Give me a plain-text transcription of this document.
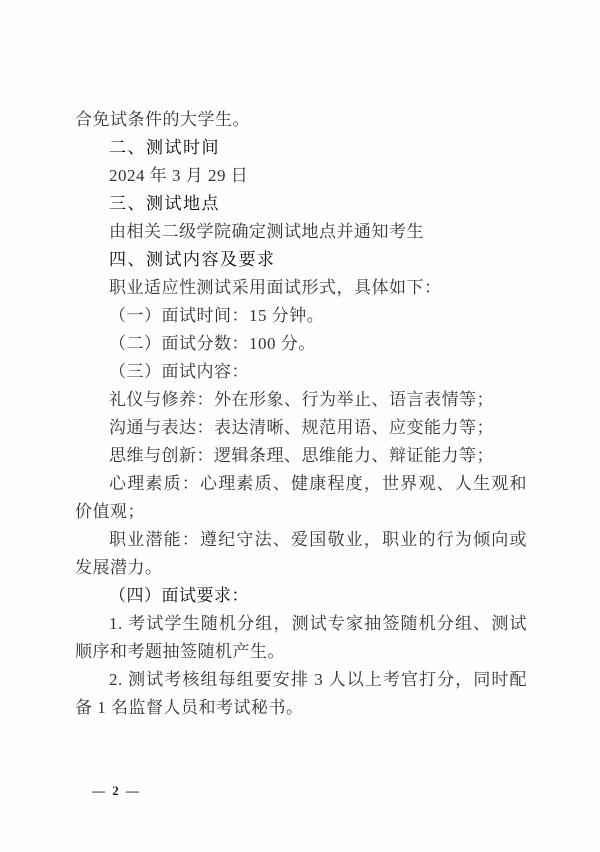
合免试条件的大学生。

二、测试时间

2024 年 3 月 29 日

三、测试地点

由相关二级学院确定测试地点并通知考生

四、测试内容及要求

职业适应性测试采用面试形式，具体如下：

（一）面试时间：15 分钟。

（二）面试分数：100 分。

（三）面试内容：

礼仪与修养：外在形象、行为举止、语言表情等；

沟通与表达：表达清晰、规范用语、应变能力等；

思维与创新：逻辑条理、思维能力、辩证能力等；

心理素质：心理素质、健康程度，世界观、人生观和价值观；

职业潜能：遵纪守法、爱国敬业，职业的行为倾向或发展潜力。

（四）面试要求：

1. 考试学生随机分组，测试专家抽签随机分组、测试顺序和考题抽签随机产生。

2. 测试考核组每组要安排 3 人以上考官打分，同时配备 1 名监督人员和考试秘书。

— 2 —
